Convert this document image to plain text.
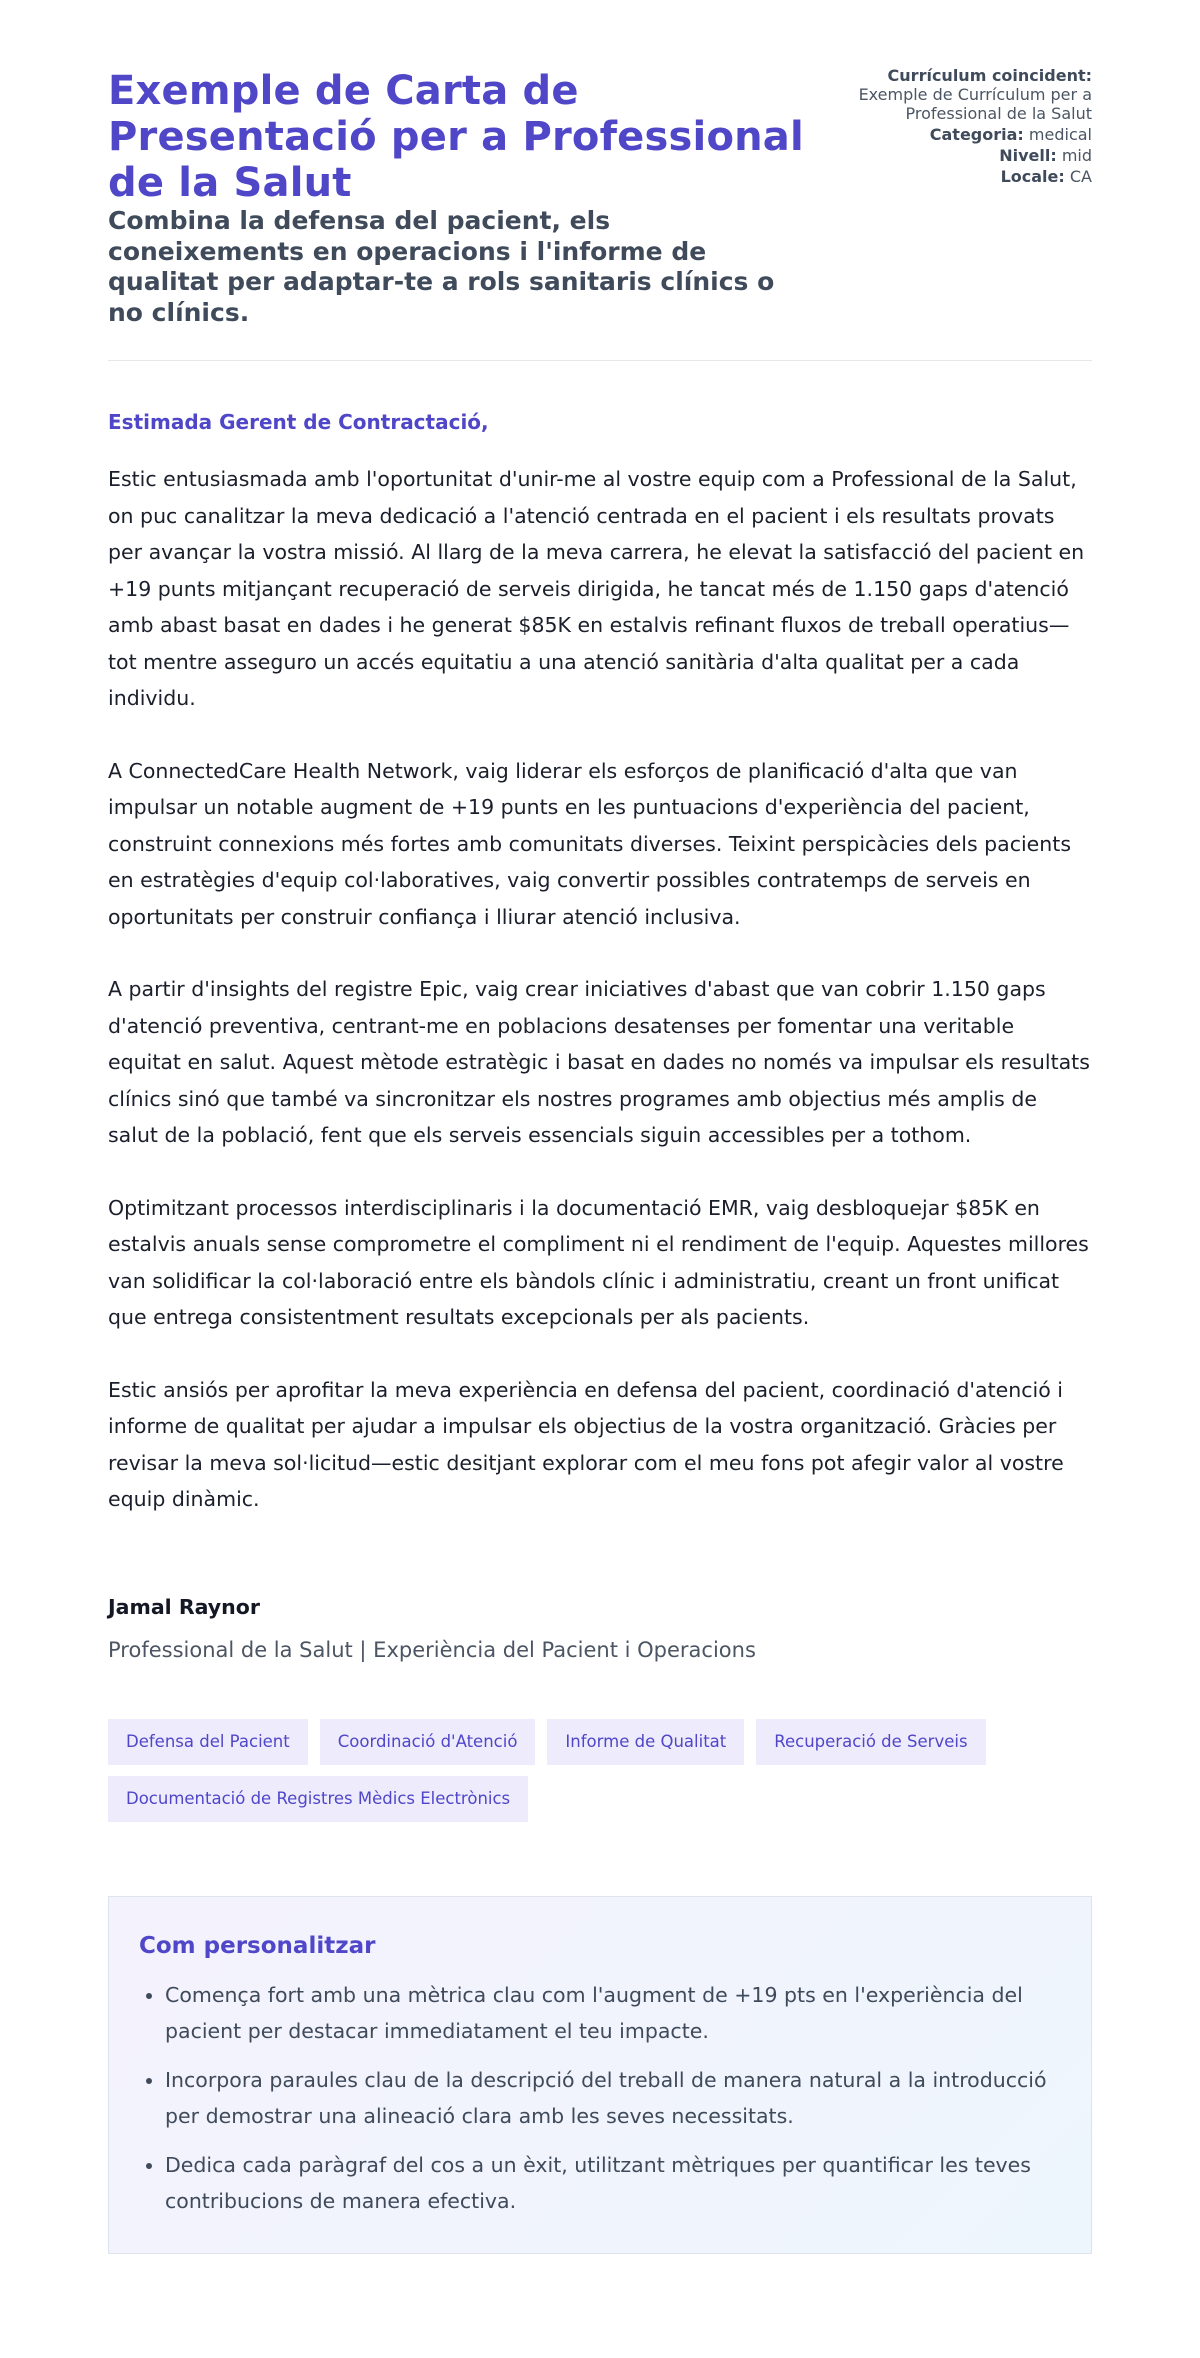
Exemple de Carta de Presentació per a Professional de la Salut

Combina la defensa del pacient, els coneixements en operacions i l'informe de qualitat per adaptar-te a rols sanitaris clínics o no clínics.

Currículum coincident:
Exemple de Currículum per a Professional de la Salut
Categoria: medical
Nivell: mid
Locale: CA

Estimada Gerent de Contractació,

Estic entusiasmada amb l'oportunitat d'unir-me al vostre equip com a Professional de la Salut, on puc canalitzar la meva dedicació a l'atenció centrada en el pacient i els resultats provats per avançar la vostra missió. Al llarg de la meva carrera, he elevat la satisfacció del pacient en +19 punts mitjançant recuperació de serveis dirigida, he tancat més de 1.150 gaps d'atenció amb abast basat en dades i he generat $85K en estalvis refinant fluxos de treball operatius—tot mentre asseguro un accés equitatiu a una atenció sanitària d'alta qualitat per a cada individu.

A ConnectedCare Health Network, vaig liderar els esforços de planificació d'alta que van impulsar un notable augment de +19 punts en les puntuacions d'experiència del pacient, construint connexions més fortes amb comunitats diverses. Teixint perspicàcies dels pacients en estratègies d'equip col·laboratives, vaig convertir possibles contratemps de serveis en oportunitats per construir confiança i lliurar atenció inclusiva.

A partir d'insights del registre Epic, vaig crear iniciatives d'abast que van cobrir 1.150 gaps d'atenció preventiva, centrant-me en poblacions desatenses per fomentar una veritable equitat en salut. Aquest mètode estratègic i basat en dades no només va impulsar els resultats clínics sinó que també va sincronitzar els nostres programes amb objectius més amplis de salut de la població, fent que els serveis essencials siguin accessibles per a tothom.

Optimitzant processos interdisciplinaris i la documentació EMR, vaig desbloquejar $85K en estalvis anuals sense comprometre el compliment ni el rendiment de l'equip. Aquestes millores van solidificar la col·laboració entre els bàndols clínic i administratiu, creant un front unificat que entrega consistentment resultats excepcionals per als pacients.

Estic ansiós per aprofitar la meva experiència en defensa del pacient, coordinació d'atenció i informe de qualitat per ajudar a impulsar els objectius de la vostra organització. Gràcies per revisar la meva sol·licitud—estic desitjant explorar com el meu fons pot afegir valor al vostre equip dinàmic.

Jamal Raynor

Professional de la Salut | Experiència del Pacient i Operacions

Defensa del Pacient	Coordinació d'Atenció	Informe de Qualitat	Recuperació de Serveis
Documentació de Registres Mèdics Electrònics
Com personalitzar
• Comença fort amb una mètrica clau com l'augment de +19 pts en l'experiència del pacient per destacar immediatament el teu impacte.
• Incorpora paraules clau de la descripció del treball de manera natural a la introducció per demostrar una alineació clara amb les seves necessitats.
• Dedica cada paràgraf del cos a un èxit, utilitzant mètriques per quantificar les teves contribucions de manera efectiva.
